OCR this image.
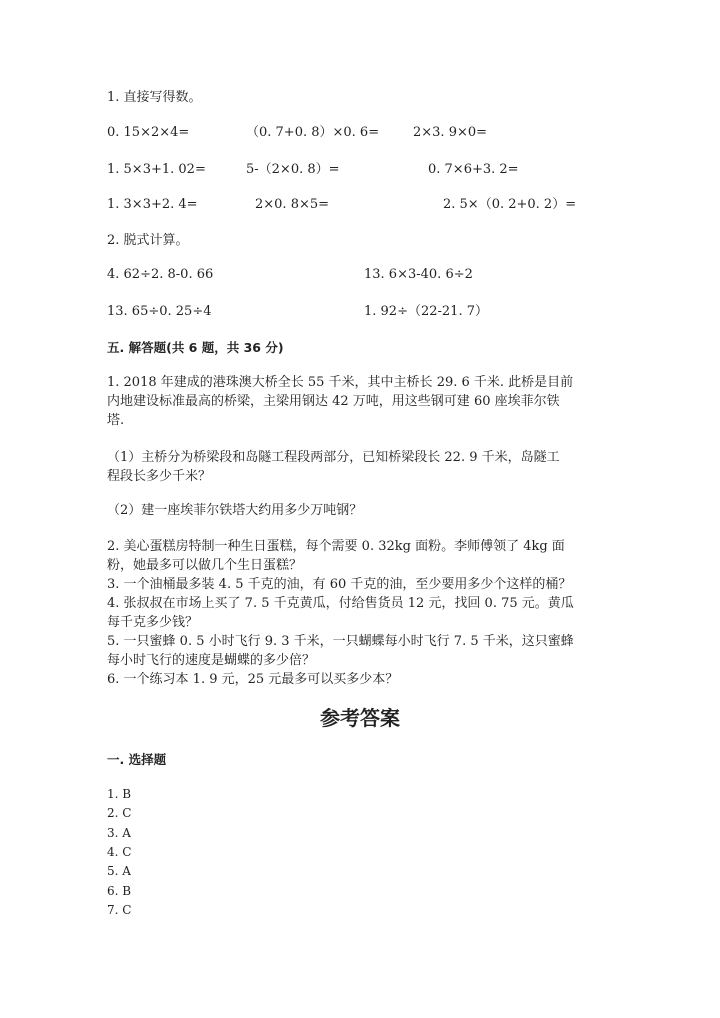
1. 直接写得数。
0. 15×2×4=	（0. 7+0. 8）×0. 6=	2×3. 9×0=
1. 5×3+1. 02=	5-（2×0. 8）=	0. 7×6+3. 2=
1. 3×3+2. 4=	2×0. 8×5=	2. 5×（0. 2+0. 2）=
2. 脱式计算。
4. 62÷2. 8-0. 66	13. 6×3-40. 6÷2
13. 65÷0. 25÷4	1. 92÷（22-21. 7）
五. 解答题(共 6 题，共 36 分)
1. 2018 年建成的港珠澳大桥全长 55 千米，其中主桥长 29. 6 千米. 此桥是目前
内地建设标准最高的桥梁，主梁用钢达 42 万吨，用这些钢可建 60 座埃菲尔铁
塔.
（1）主桥分为桥梁段和岛隧工程段两部分，已知桥梁段长 22. 9 千米，岛隧工
程段长多少千米？
（2）建一座埃菲尔铁塔大约用多少万吨钢？
2. 美心蛋糕房特制一种生日蛋糕，每个需要 0. 32kg 面粉。李师傅领了 4kg 面
粉，她最多可以做几个生日蛋糕？
3. 一个油桶最多装 4. 5 千克的油，有 60 千克的油，至少要用多少个这样的桶？
4. 张叔叔在市场上买了 7. 5 千克黄瓜，付给售货员 12 元，找回 0. 75 元。黄瓜
每千克多少钱？
5. 一只蜜蜂 0. 5 小时飞行 9. 3 千米，一只蝴蝶每小时飞行 7. 5 千米，这只蜜蜂
每小时飞行的速度是蝴蝶的多少倍？
6. 一个练习本 1. 9 元，25 元最多可以买多少本？
参考答案
一. 选择题
1. B
2. C
3. A
4. C
5. A
6. B
7. C
